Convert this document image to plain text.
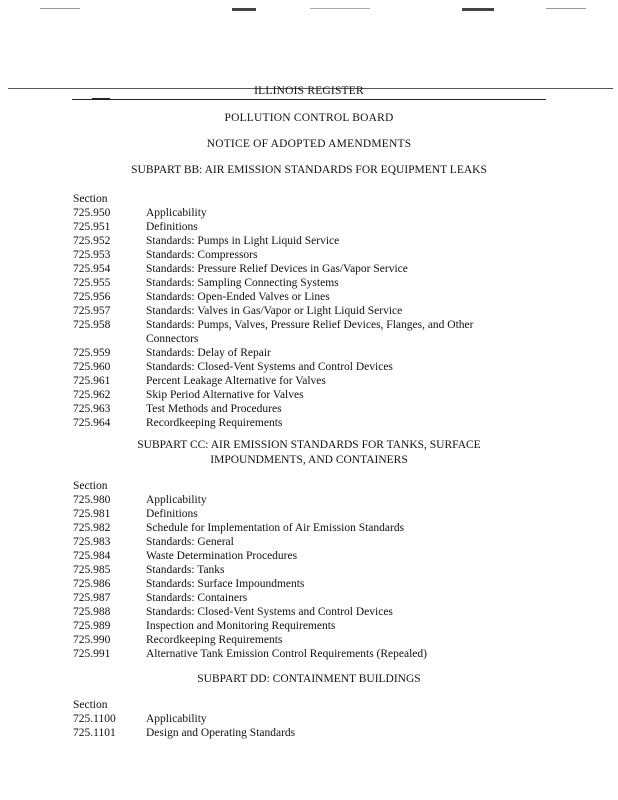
ILLINOIS REGISTER
POLLUTION CONTROL BOARD
NOTICE OF ADOPTED AMENDMENTS
SUBPART BB: AIR EMISSION STANDARDS FOR EQUIPMENT LEAKS
Section
725.950	Applicability
725.951	Definitions
725.952	Standards: Pumps in Light Liquid Service
725.953	Standards: Compressors
725.954	Standards: Pressure Relief Devices in Gas/Vapor Service
725.955	Standards: Sampling Connecting Systems
725.956	Standards: Open-Ended Valves or Lines
725.957	Standards: Valves in Gas/Vapor or Light Liquid Service
725.958	Standards: Pumps, Valves, Pressure Relief Devices, Flanges, and Other
Connectors
725.959	Standards: Delay of Repair
725.960	Standards: Closed-Vent Systems and Control Devices
725.961	Percent Leakage Alternative for Valves
725.962	Skip Period Alternative for Valves
725.963	Test Methods and Procedures
725.964	Recordkeeping Requirements
SUBPART CC: AIR EMISSION STANDARDS FOR TANKS, SURFACE
IMPOUNDMENTS, AND CONTAINERS
Section
725.980	Applicability
725.981	Definitions
725.982	Schedule for Implementation of Air Emission Standards
725.983	Standards: General
725.984	Waste Determination Procedures
725.985	Standards: Tanks
725.986	Standards: Surface Impoundments
725.987	Standards: Containers
725.988	Standards: Closed-Vent Systems and Control Devices
725.989	Inspection and Monitoring Requirements
725.990	Recordkeeping Requirements
725.991	Alternative Tank Emission Control Requirements (Repealed)
SUBPART DD: CONTAINMENT BUILDINGS
Section
725.1100	Applicability
725.1101	Design and Operating Standards
